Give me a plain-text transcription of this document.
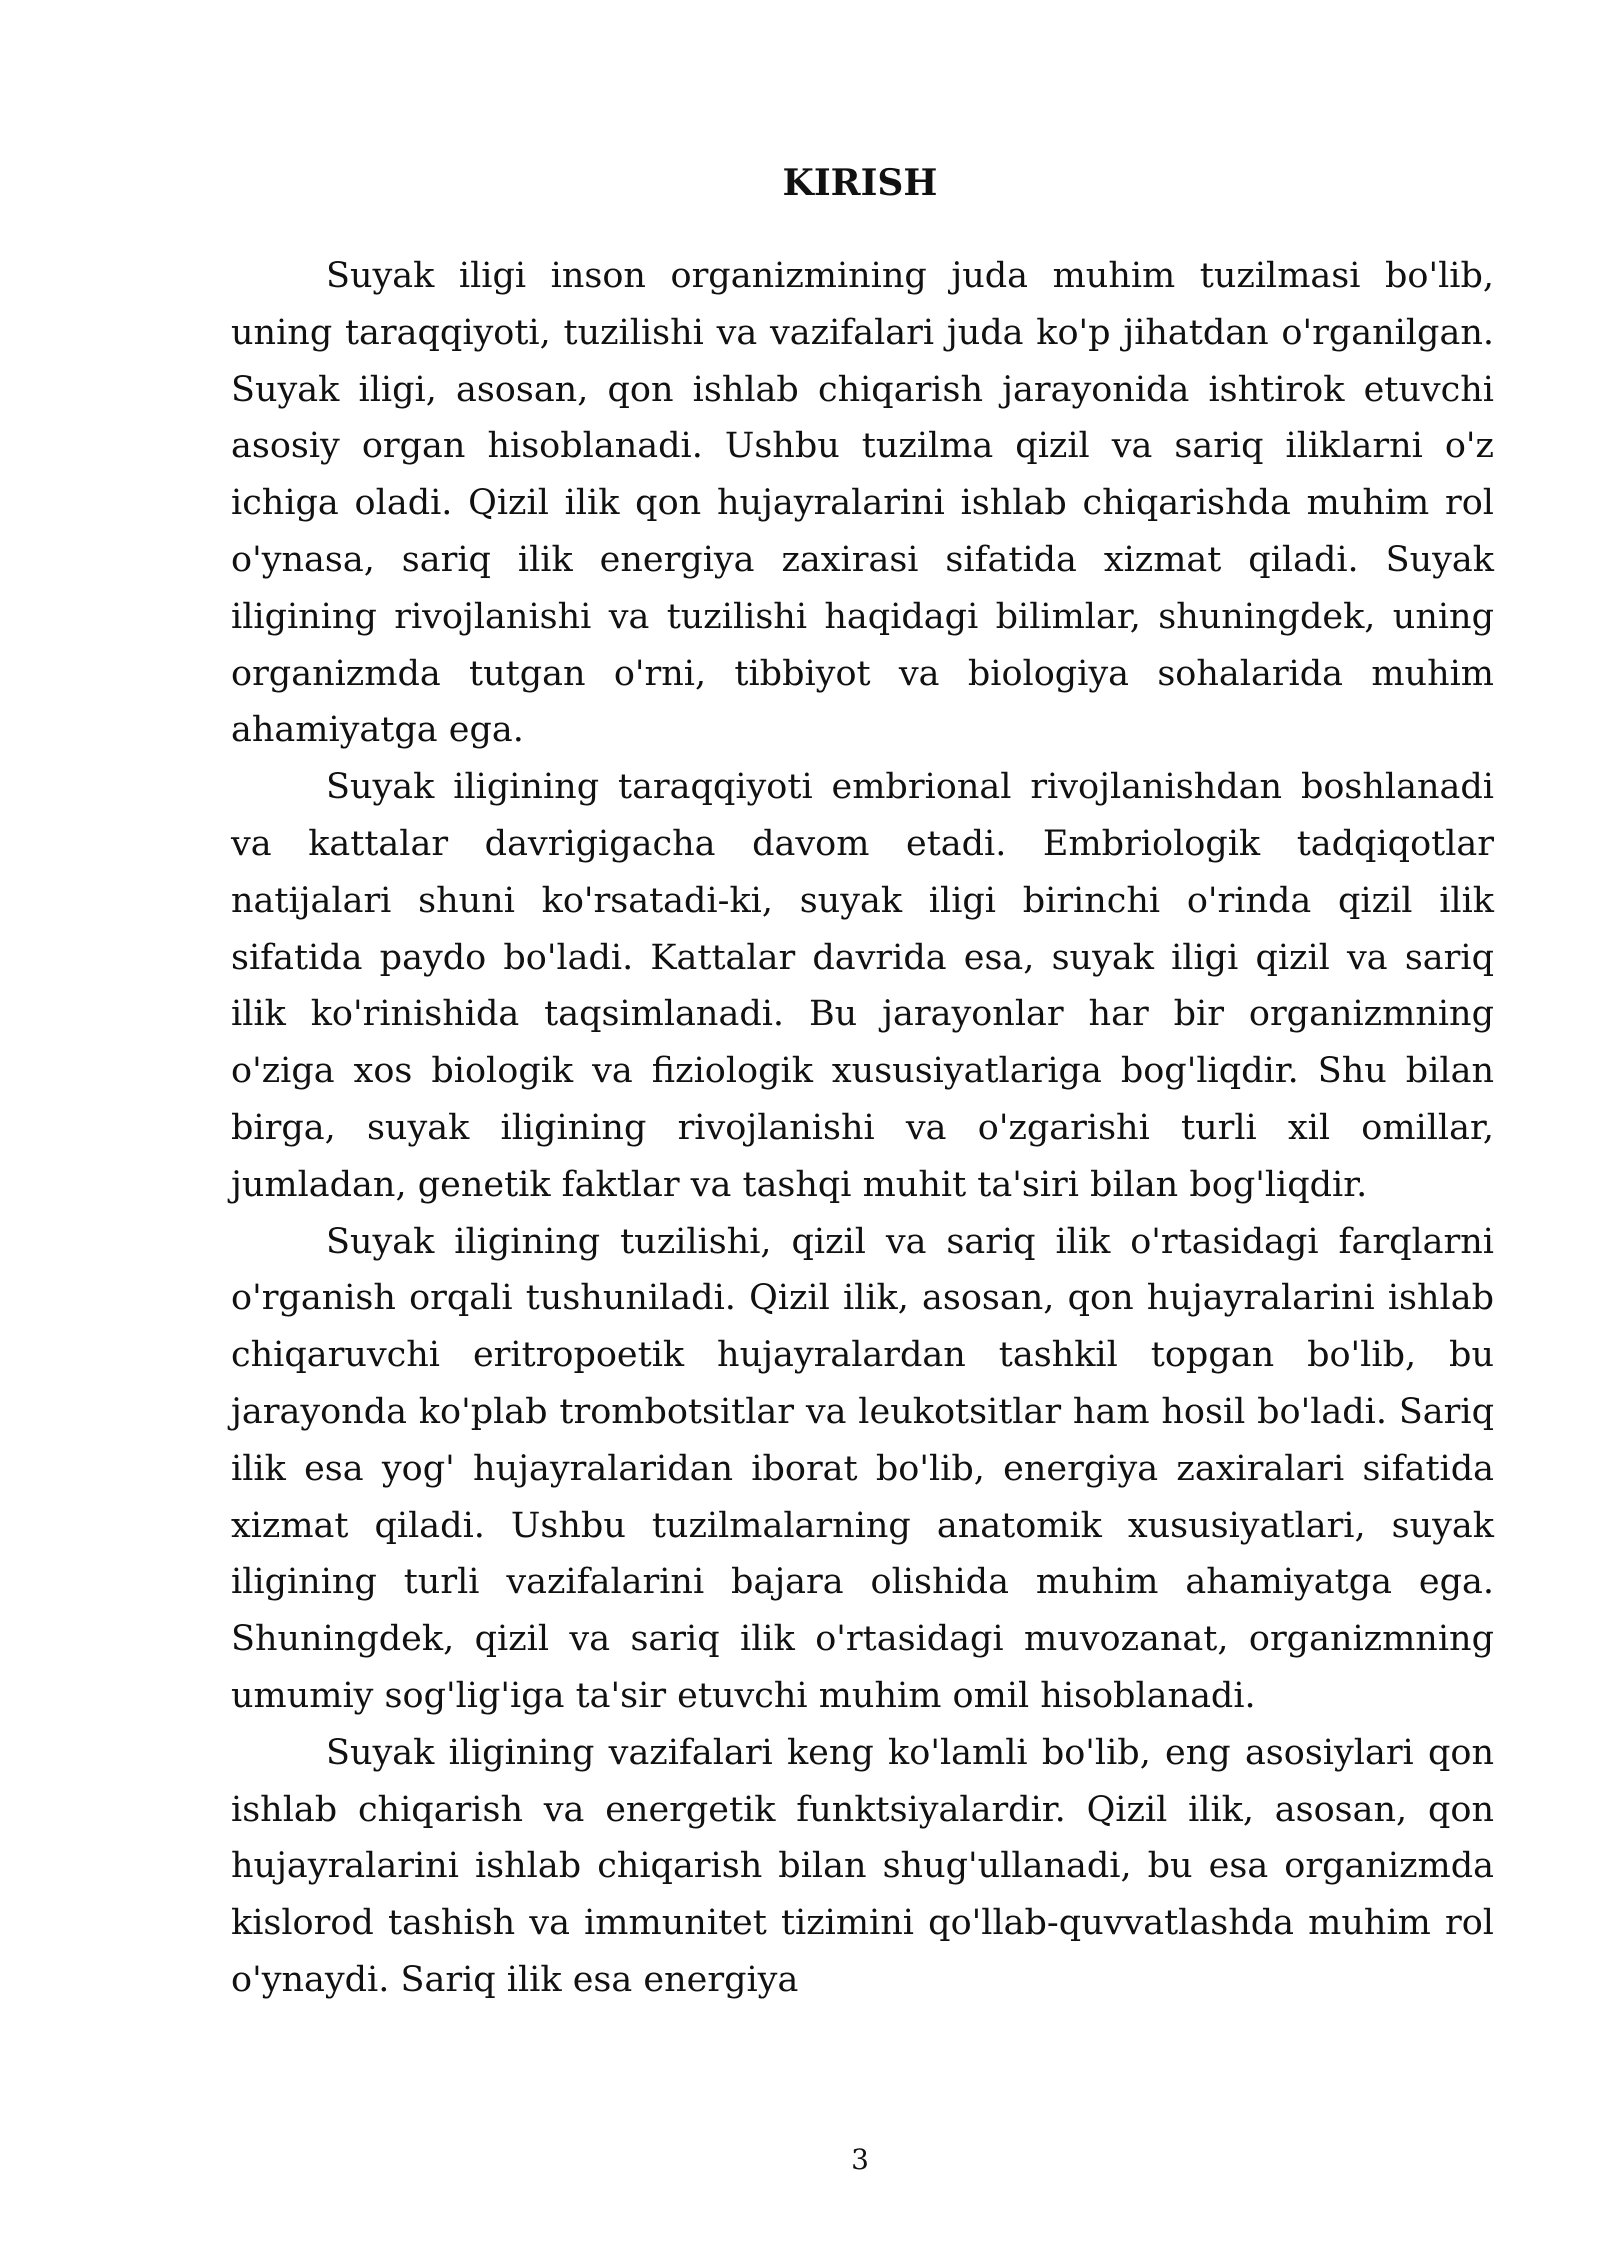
KIRISH

Suyak iligi inson organizmining juda muhim tuzilmasi bo'lib, uning taraqqiyoti, tuzilishi va vazifalari juda ko'p jihatdan o'rganilgan. Suyak iligi, asosan, qon ishlab chiqarish jarayonida ishtirok etuvchi asosiy organ hisoblanadi. Ushbu tuzilma qizil va sariq iliklarni o'z ichiga oladi. Qizil ilik qon hujayralarini ishlab chiqarishda muhim rol o'ynasa, sariq ilik energiya zaxirasi sifatida xizmat qiladi. Suyak iligining rivojlanishi va tuzilishi haqidagi bilimlar, shuningdek, uning organizmda tutgan o'rni, tibbiyot va biologiya sohalarida muhim ahamiyatga ega.

Suyak iligining taraqqiyoti embrional rivojlanishdan boshlanadi va kattalar davrigigacha davom etadi. Embriologik tadqiqotlar natijalari shuni ko'rsatadi-ki, suyak iligi birinchi o'rinda qizil ilik sifatida paydo bo'ladi. Kattalar davrida esa, suyak iligi qizil va sariq ilik ko'rinishida taqsimlanadi. Bu jarayonlar har bir organizmning o'ziga xos biologik va fiziologik xususiyatlariga bog'liqdir. Shu bilan birga, suyak iligining rivojlanishi va o'zgarishi turli xil omillar, jumladan, genetik faktlar va tashqi muhit ta'siri bilan bog'liqdir.

Suyak iligining tuzilishi, qizil va sariq ilik o'rtasidagi farqlarni o'rganish orqali tushuniladi. Qizil ilik, asosan, qon hujayralarini ishlab chiqaruvchi eritropoetik hujayralardan tashkil topgan bo'lib, bu jarayonda ko'plab trombotsitlar va leukotsitlar ham hosil bo'ladi. Sariq ilik esa yog' hujayralaridan iborat bo'lib, energiya zaxiralari sifatida xizmat qiladi. Ushbu tuzilmalarning anatomik xususiyatlari, suyak iligining turli vazifalarini bajara olishida muhim ahamiyatga ega. Shuningdek, qizil va sariq ilik o'rtasidagi muvozanat, organizmning umumiy sog'lig'iga ta'sir etuvchi muhim omil hisoblanadi.

Suyak iligining vazifalari keng ko'lamli bo'lib, eng asosiylari qon ishlab chiqarish va energetik funktsiyalardir. Qizil ilik, asosan, qon hujayralarini ishlab chiqarish bilan shug'ullanadi, bu esa organizmda kislorod tashish va immunitet tizimini qo'llab-quvvatlashda muhim rol o'ynaydi. Sariq ilik esa energiya

3
